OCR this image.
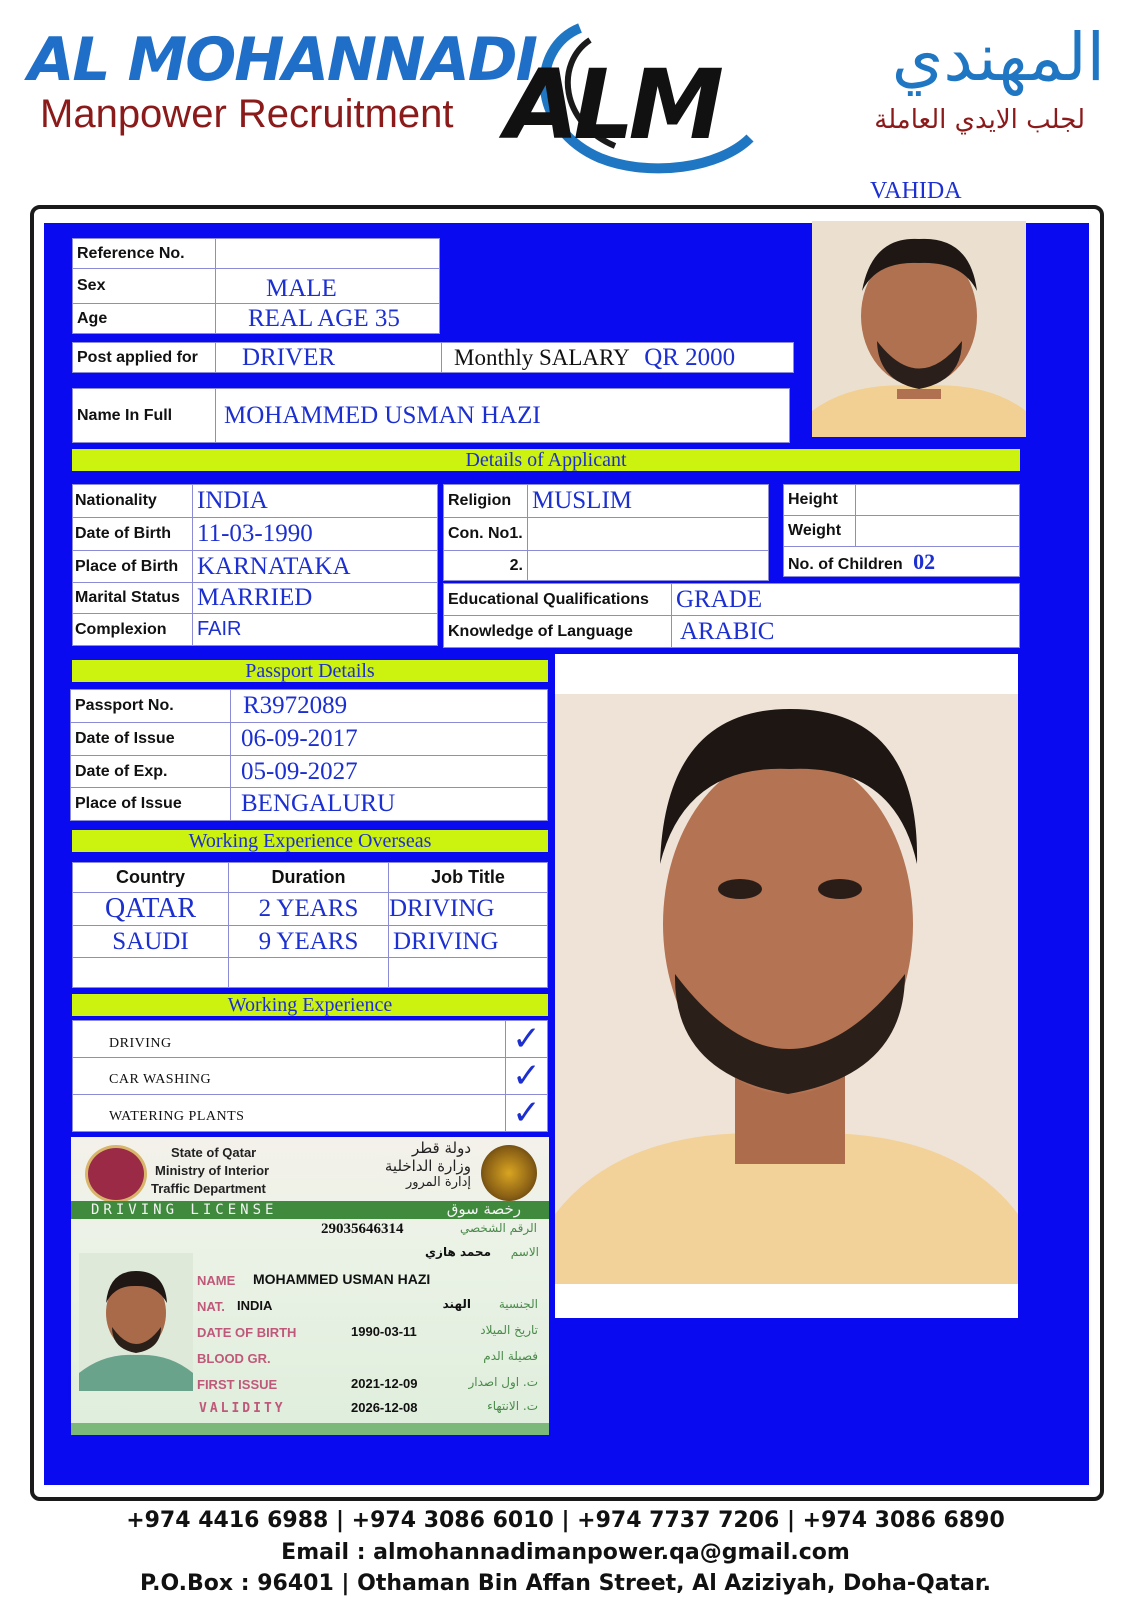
AL MOHANNADI
Manpower Recruitment ALM	المهندي
لجلب الايدي العاملة
VAHIDA
Reference No.	
Sex	MALE
Age	REAL AGE 35
Post applied for	DRIVER	Monthly SALARY QR 2000
Name In Full	MOHAMMED USMAN HAZI
Details of Applicant
Nationality	INDIA
Date of Birth	11-03-1990
Place of Birth	KARNATAKA
Marital Status	MARRIED
Complexion	FAIR
Religion	MUSLIM
Con. No1.	
2.	
Height	
Weight	
No. of Children 02	
Educational Qualifications	GRADE
Knowledge of Language	ARABIC
Passport Details
Passport No.	R3972089
Date of Issue	06-09-2017
Date of Exp.	05-09-2027
Place of Issue	BENGALURU
Working Experience Overseas
Country	Duration	Job Title
QATAR	2 YEARS	DRIVING
SAUDI	9 YEARS	DRIVING

Working Experience
DRIVING	✓
CAR WASHING	✓
WATERING PLANTS	✓
State of Qatar
Ministry of Interior
Traffic Department
دولة قطر
وزارة الداخلية
إدارة المرور
DRIVING LICENSE	رخصة سوق
29035646314	الرقم الشخصي
محمد هازي	الاسم
NAME MOHAMMED USMAN HAZI
NAT. INDIA	الهند	الجنسية
DATE OF BIRTH	1990-03-11	تاريخ الميلاد
BLOOD GR.	فصيلة الدم
FIRST ISSUE	2021-12-09	ت. اول اصدار
VALIDITY	2026-12-08	ت. الانتهاء
+974 4416 6988 | +974 3086 6010 | +974 7737 7206 | +974 3086 6890
Email : almohannadimanpower.qa@gmail.com
P.O.Box : 96401 | Othaman Bin Affan Street, Al Aziziyah, Doha-Qatar.
